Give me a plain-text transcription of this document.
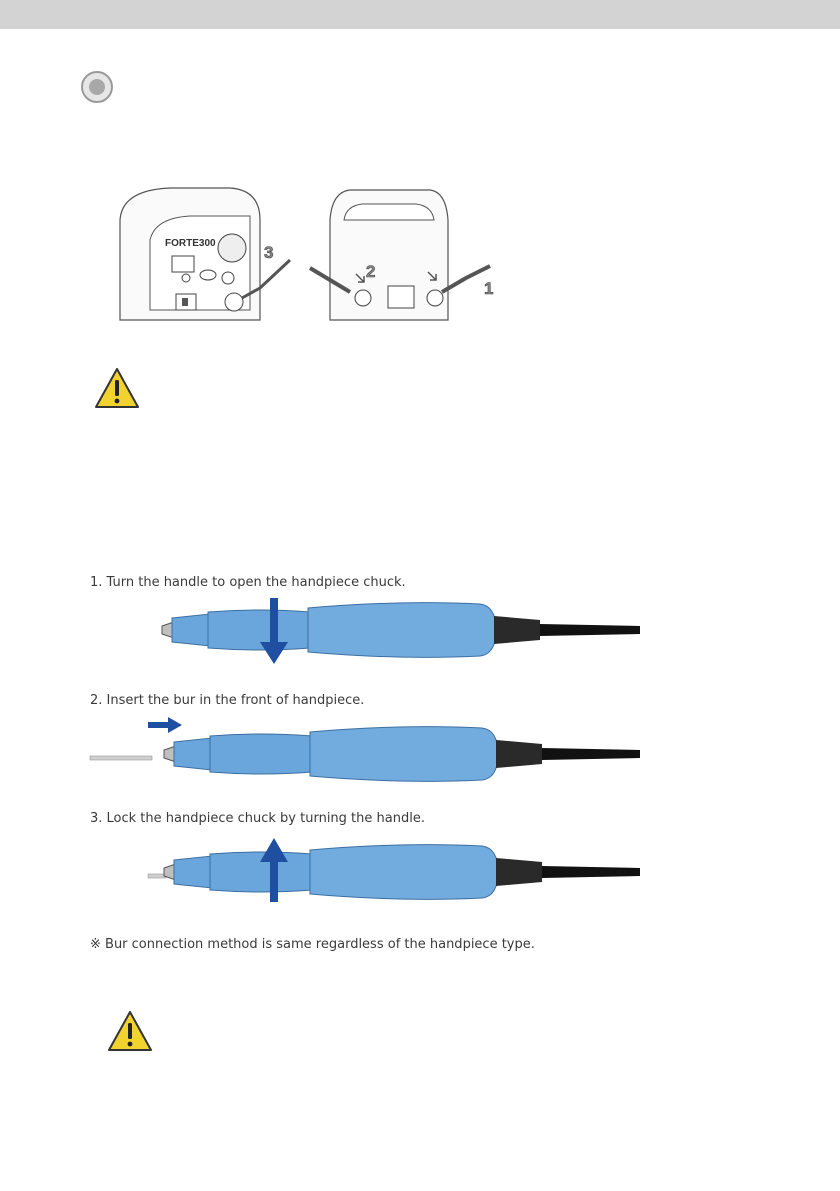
FORTE300	3
2
1
1. Turn the handle to open the handpiece chuck.
2. Insert the bur in the front of handpiece.
3. Lock the handpiece chuck by turning the handle.
※ Bur connection method is same regardless of the handpiece type.
